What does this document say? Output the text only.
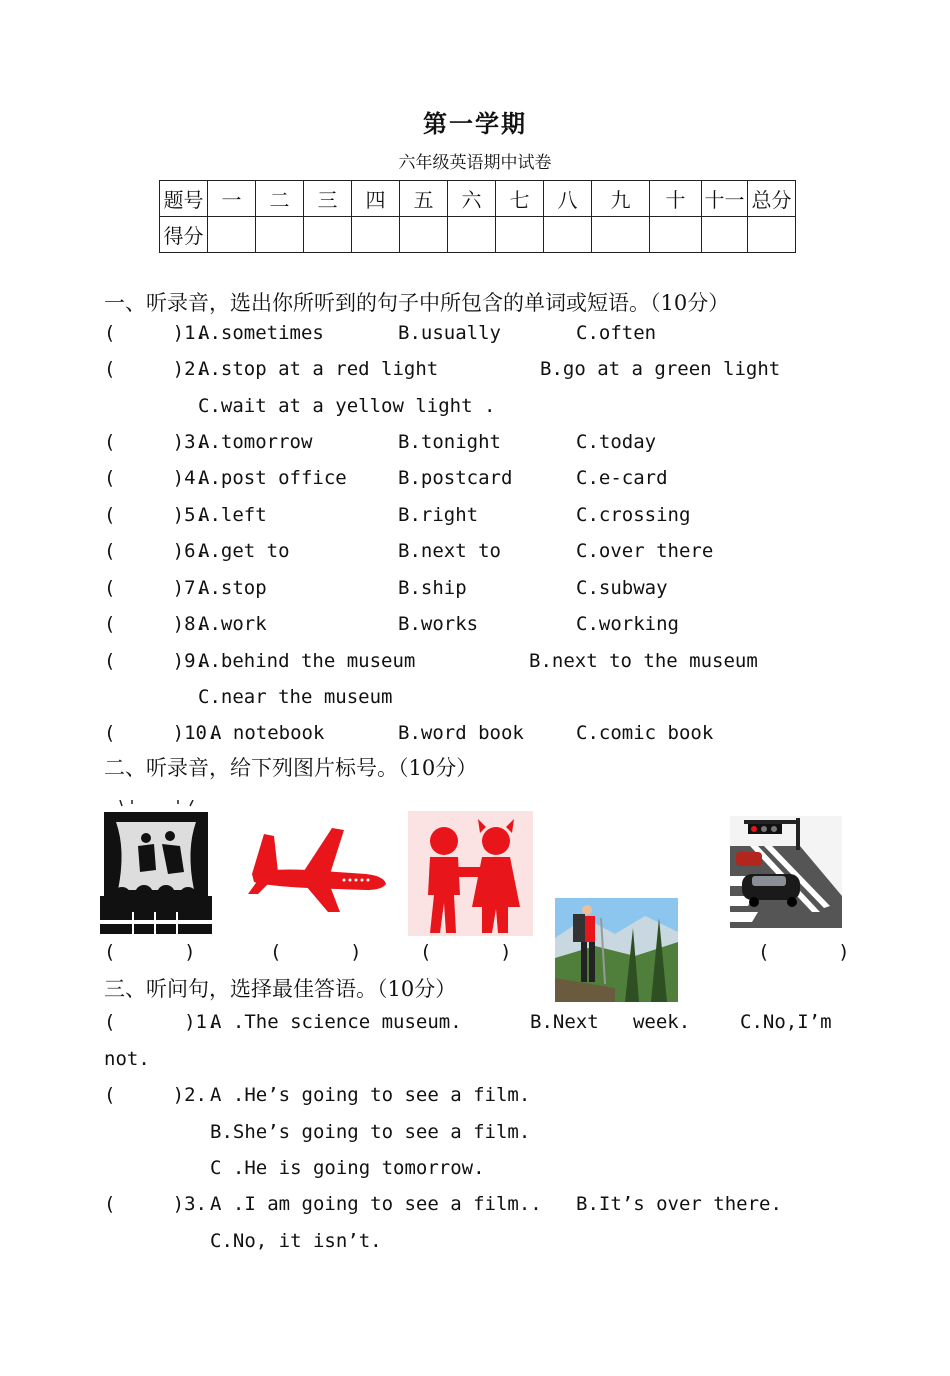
第一学期
六年级英语期中试卷
题号	一	二	三	四	五	六	七	八	九	十	十一	总分
得分												
一、听录音，选出你所听到的句子中所包含的单词或短语。（10分）
(     )1.
A.sometimes	B.usually	C.often
(     )2.
A.stop at a red light	B.go at a green light
C.wait at a yellow light .
(     )3.
A.tomorrow	B.tonight	C.today
(     )4.
A.post office	B.postcard	C.e-card
(     )5.
A.left	B.right	C.crossing
(     )6.
A.get to	B.next to	C.over there
(     )7.
A.stop	B.ship	C.subway
(     )8.
A.work	B.works	C.working
(     )9.
A.behind the museum	B.next to the museum
C.near the museum
(     )10.
A notebook	B.word book	C.comic book
二、听录音，给下列图片标号。（10分）
(      )	(      )	(      )	(      )
三、听问句，选择最佳答语。（10分）
(      )1.
A .The science museum.	B.Next   week.	C.No,I’m
not.
(     )2. A .He’s going to see a film.
B.She’s going to see a film.
C .He is going tomorrow.
(     )3. A .I am going to see a film.. B.It’s over there.
C.No, it isn’t.
